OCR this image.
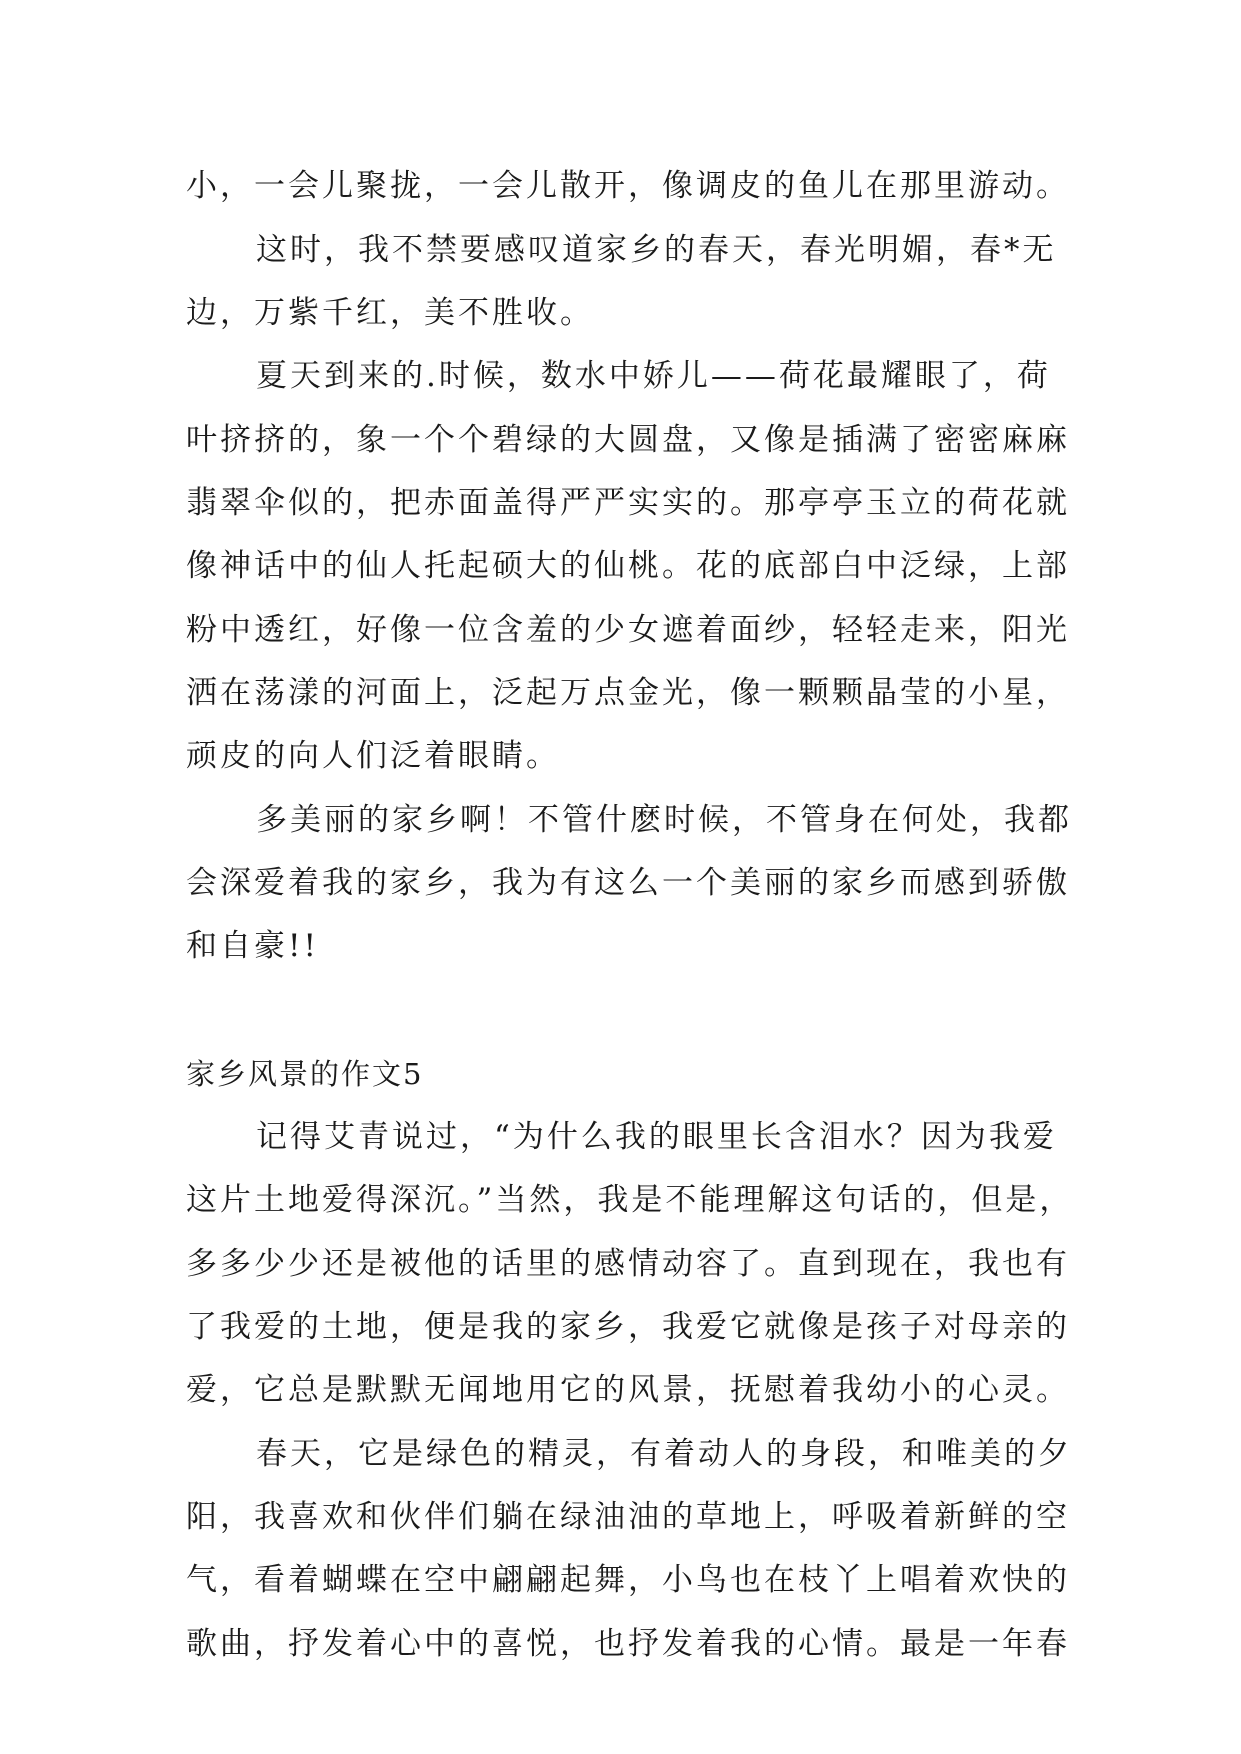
小，一会儿聚拢，一会儿散开，像调皮的鱼儿在那里游动。

这时，我不禁要感叹道家乡的春天，春光明媚，春*无

边，万紫千红，美不胜收。

夏天到来的.时候，数水中娇儿——荷花最耀眼了，荷

叶挤挤的，象一个个碧绿的大圆盘，又像是插满了密密麻麻

翡翠伞似的，把赤面盖得严严实实的。那亭亭玉立的荷花就

像神话中的仙人托起硕大的仙桃。花的底部白中泛绿，上部

粉中透红，好像一位含羞的少女遮着面纱，轻轻走来，阳光

洒在荡漾的河面上，泛起万点金光，像一颗颗晶莹的小星，

顽皮的向人们泛着眼睛。

多美丽的家乡啊！不管什麽时候，不管身在何处，我都

会深爱着我的家乡，我为有这么一个美丽的家乡而感到骄傲

和自豪!!

家乡风景的作文5

记得艾青说过，“为什么我的眼里长含泪水？因为我爱

这片土地爱得深沉。”当然，我是不能理解这句话的，但是，

多多少少还是被他的话里的感情动容了。直到现在，我也有

了我爱的土地，便是我的家乡，我爱它就像是孩子对母亲的

爱，它总是默默无闻地用它的风景，抚慰着我幼小的心灵。

春天，它是绿色的精灵，有着动人的身段，和唯美的夕

阳，我喜欢和伙伴们躺在绿油油的草地上，呼吸着新鲜的空

气，看着蝴蝶在空中翩翩起舞，小鸟也在枝丫上唱着欢快的

歌曲，抒发着心中的喜悦，也抒发着我的心情。最是一年春
